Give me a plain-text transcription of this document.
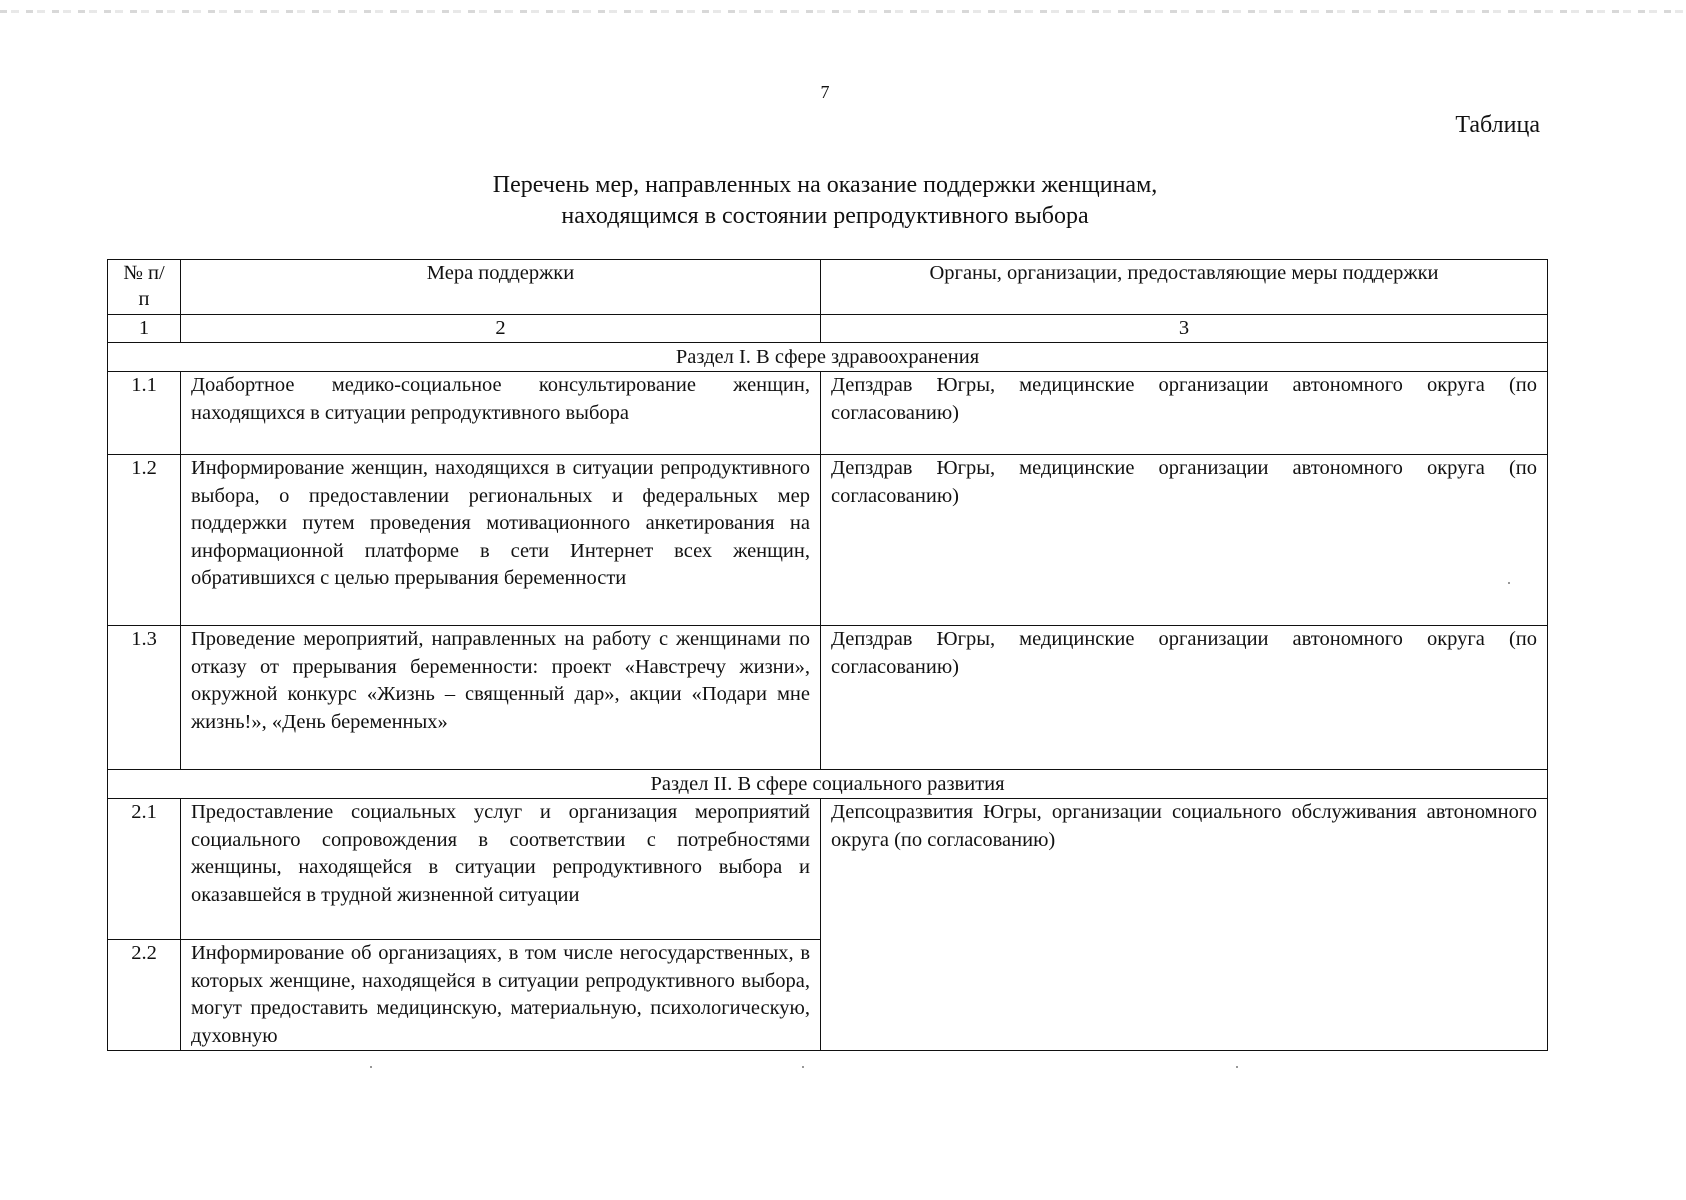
7
Таблица
Перечень мер, направленных на оказание поддержки женщинам,
находящимся в состоянии репродуктивного выбора
№ п/п	Мера поддержки	Органы, организации, предоставляющие меры поддержки
1	2	3
Раздел I. В сфере здравоохранения		
1.1	Доабортное медико-социальное консультирование женщин, находящихся в ситуации репродуктивного выбора	Депздрав Югры, медицинские организации автономного округа (по согласованию)
1.2	Информирование женщин, находящихся в ситуации репродуктивного выбора, о предоставлении региональных и федеральных мер поддержки путем проведения мотивационного анкетирования на информационной платформе в сети Интернет всех женщин, обратившихся с целью прерывания беременности	Депздрав Югры, медицинские организации автономного округа (по согласованию)
1.3	Проведение мероприятий, направленных на работу с женщинами по отказу от прерывания беременности: проект «Навстречу жизни», окружной конкурс «Жизнь – священный дар», акции «Подари мне жизнь!», «День беременных»	Депздрав Югры, медицинские организации автономного округа (по согласованию)
Раздел II. В сфере социального развития		
2.1	Предоставление социальных услуг и организация мероприятий социального сопровождения в соответствии с потребностями женщины, находящейся в ситуации репродуктивного выбора и оказавшейся в трудной жизненной ситуации	Депсоцразвития Югры, организации социального обслуживания автономного округа (по согласованию)
2.2	Информирование об организациях, в том числе негосударственных, в которых женщине, находящейся в ситуации репродуктивного выбора, могут предоставить медицинскую, материальную, психологическую, духовную	
